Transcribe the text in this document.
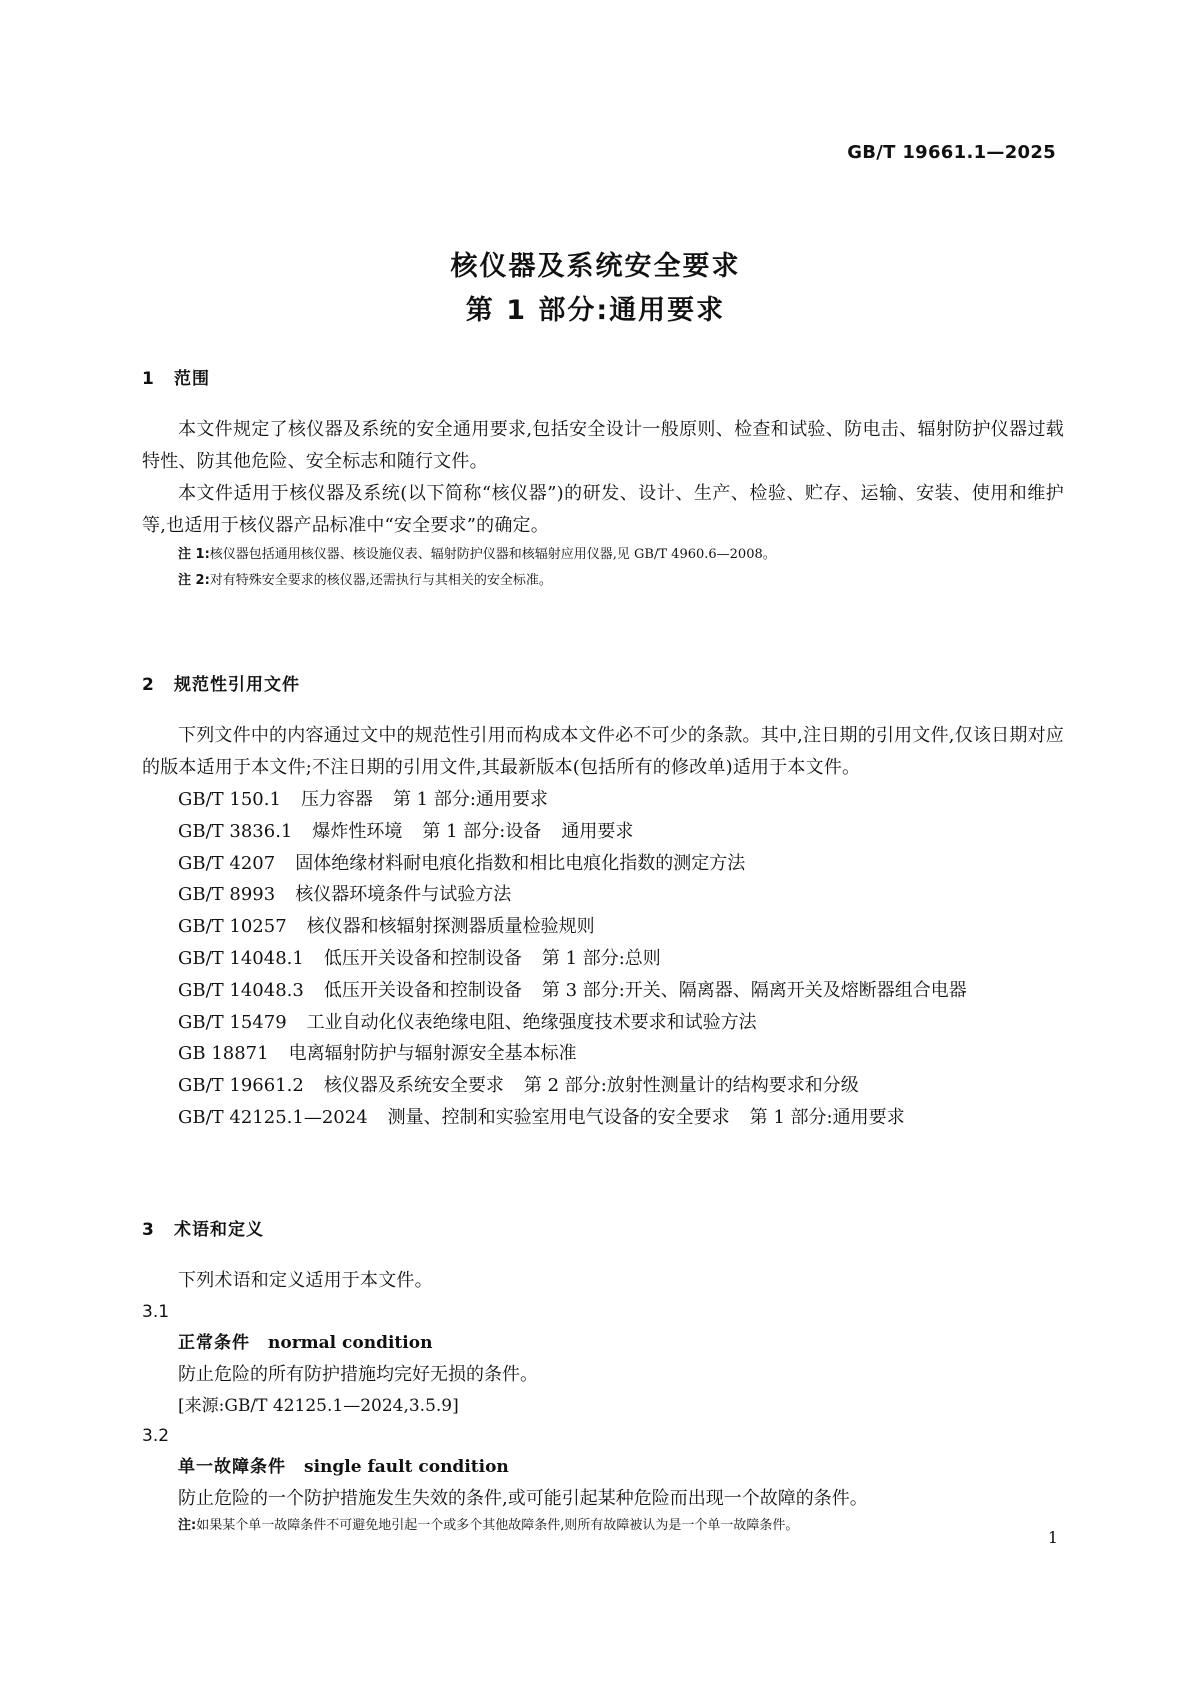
GB/T 19661.1—2025
核仪器及系统安全要求
第 1 部分:通用要求
1 范围
本文件规定了核仪器及系统的安全通用要求,包括安全设计一般原则、检查和试验、防电击、辐射防护仪器过载特性、防其他危险、安全标志和随行文件。
本文件适用于核仪器及系统(以下简称“核仪器”)的研发、设计、生产、检验、贮存、运输、安装、使用和维护等,也适用于核仪器产品标准中“安全要求”的确定。
注 1:核仪器包括通用核仪器、核设施仪表、辐射防护仪器和核辐射应用仪器,见 GB/T 4960.6—2008。
注 2:对有特殊安全要求的核仪器,还需执行与其相关的安全标准。
2 规范性引用文件
下列文件中的内容通过文中的规范性引用而构成本文件必不可少的条款。其中,注日期的引用文件,仅该日期对应的版本适用于本文件;不注日期的引用文件,其最新版本(包括所有的修改单)适用于本文件。
GB/T 150.1 压力容器 第 1 部分:通用要求
GB/T 3836.1 爆炸性环境 第 1 部分:设备 通用要求
GB/T 4207 固体绝缘材料耐电痕化指数和相比电痕化指数的测定方法
GB/T 8993 核仪器环境条件与试验方法
GB/T 10257 核仪器和核辐射探测器质量检验规则
GB/T 14048.1 低压开关设备和控制设备 第 1 部分:总则
GB/T 14048.3 低压开关设备和控制设备 第 3 部分:开关、隔离器、隔离开关及熔断器组合电器
GB/T 15479 工业自动化仪表绝缘电阻、绝缘强度技术要求和试验方法
GB 18871 电离辐射防护与辐射源安全基本标准
GB/T 19661.2 核仪器及系统安全要求 第 2 部分:放射性测量计的结构要求和分级
GB/T 42125.1—2024 测量、控制和实验室用电气设备的安全要求 第 1 部分:通用要求
3 术语和定义
下列术语和定义适用于本文件。
3.1
正常条件 normal condition
防止危险的所有防护措施均完好无损的条件。
[来源:GB/T 42125.1—2024,3.5.9]
3.2
单一故障条件 single fault condition
防止危险的一个防护措施发生失效的条件,或可能引起某种危险而出现一个故障的条件。
注:如果某个单一故障条件不可避免地引起一个或多个其他故障条件,则所有故障被认为是一个单一故障条件。
1
